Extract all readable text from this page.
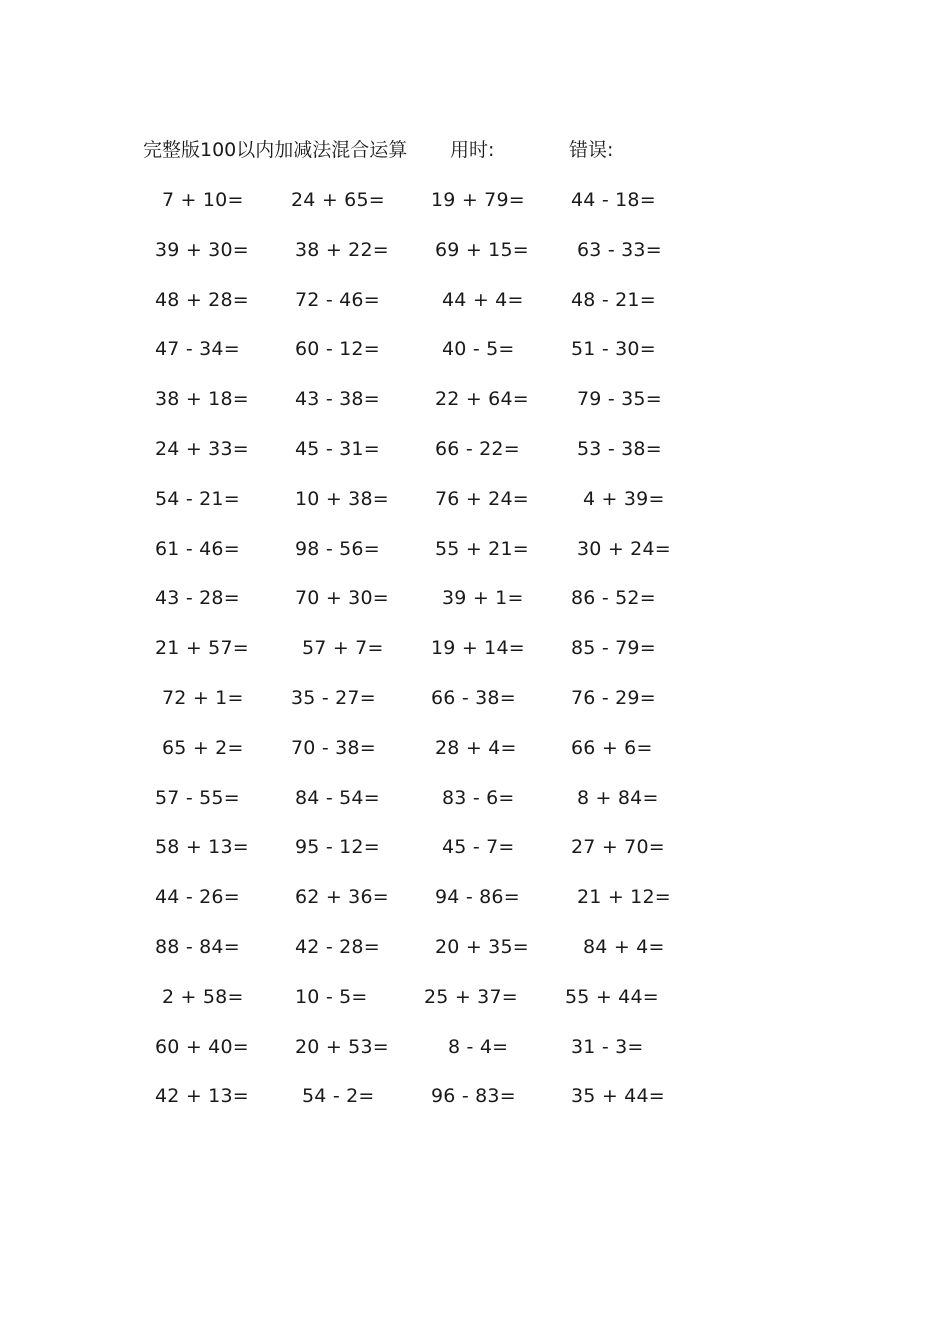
完整版100以内加减法混合运算 用时:	错误:
7 + 10=	24 + 65=	19 + 79=	44 - 18=
39 + 30=	38 + 22=	69 + 15=	63 - 33=
48 + 28=	72 - 46=	44 + 4=	48 - 21=
47 - 34=	60 - 12=	40 - 5=	51 - 30=
38 + 18=	43 - 38=	22 + 64=	79 - 35=
24 + 33=	45 - 31=	66 - 22=	53 - 38=
54 - 21=	10 + 38=	76 + 24=	4 + 39=
61 - 46=	98 - 56=	55 + 21=	30 + 24=
43 - 28=	70 + 30=	39 + 1=	86 - 52=
21 + 57=	57 + 7=	19 + 14=	85 - 79=
72 + 1=	35 - 27=	66 - 38=	76 - 29=
65 + 2=	70 - 38=	28 + 4=	66 + 6=
57 - 55=	84 - 54=	83 - 6=	8 + 84=
58 + 13=	95 - 12=	45 - 7=	27 + 70=
44 - 26=	62 + 36=	94 - 86=	21 + 12=
88 - 84=	42 - 28=	20 + 35=	84 + 4=
2 + 58=	10 - 5=	25 + 37=	55 + 44=
60 + 40=	20 + 53=	8 - 4=	31 - 3=
42 + 13=	54 - 2=	96 - 83=	35 + 44=
